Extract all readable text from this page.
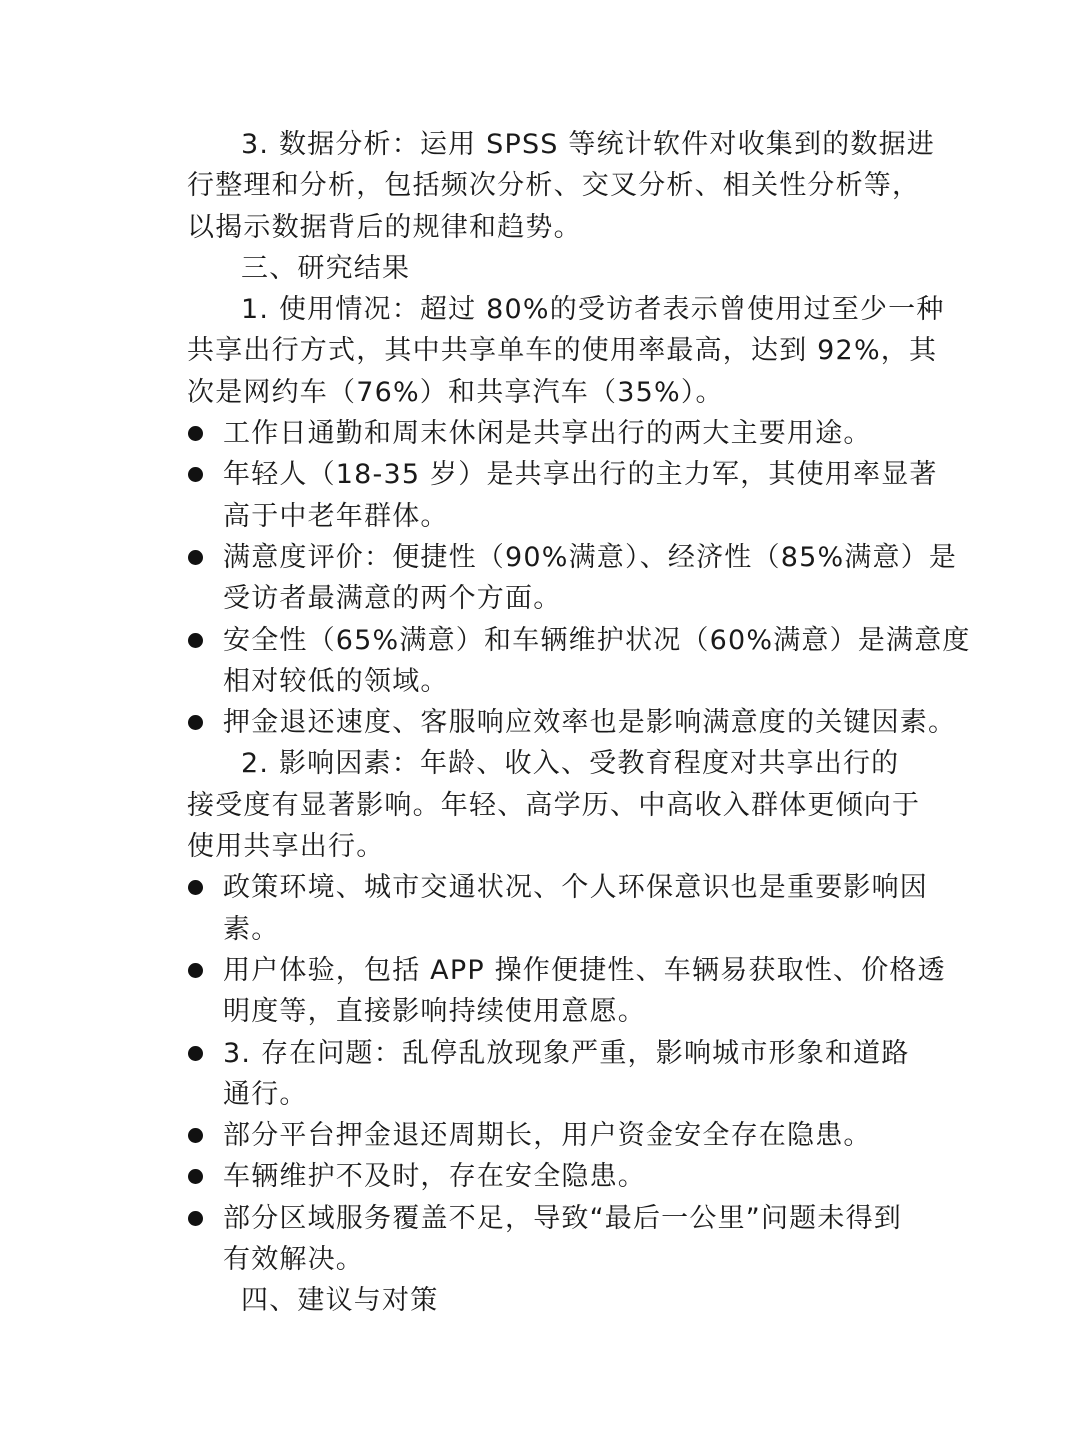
3. 数据分析：运用 SPSS 等统计软件对收集到的数据进
行整理和分析，包括频次分析、交叉分析、相关性分析等，
以揭示数据背后的规律和趋势。
三、研究结果
1. 使用情况：超过 80%的受访者表示曾使用过至少一种
共享出行方式，其中共享单车的使用率最高，达到 92%，其
次是网约车（76%）和共享汽车（35%）。
工作日通勤和周末休闲是共享出行的两大主要用途。
年轻人（18-35 岁）是共享出行的主力军，其使用率显著
高于中老年群体。
满意度评价：便捷性（90%满意）、经济性（85%满意）是
受访者最满意的两个方面。
安全性（65%满意）和车辆维护状况（60%满意）是满意度
相对较低的领域。
押金退还速度、客服响应效率也是影响满意度的关键因素。
2. 影响因素：年龄、收入、受教育程度对共享出行的
接受度有显著影响。年轻、高学历、中高收入群体更倾向于
使用共享出行。
政策环境、城市交通状况、个人环保意识也是重要影响因
素。
用户体验，包括 APP 操作便捷性、车辆易获取性、价格透
明度等，直接影响持续使用意愿。
3. 存在问题：乱停乱放现象严重，影响城市形象和道路
通行。
部分平台押金退还周期长，用户资金安全存在隐患。
车辆维护不及时，存在安全隐患。
部分区域服务覆盖不足，导致“最后一公里”问题未得到
有效解决。
四、建议与对策
